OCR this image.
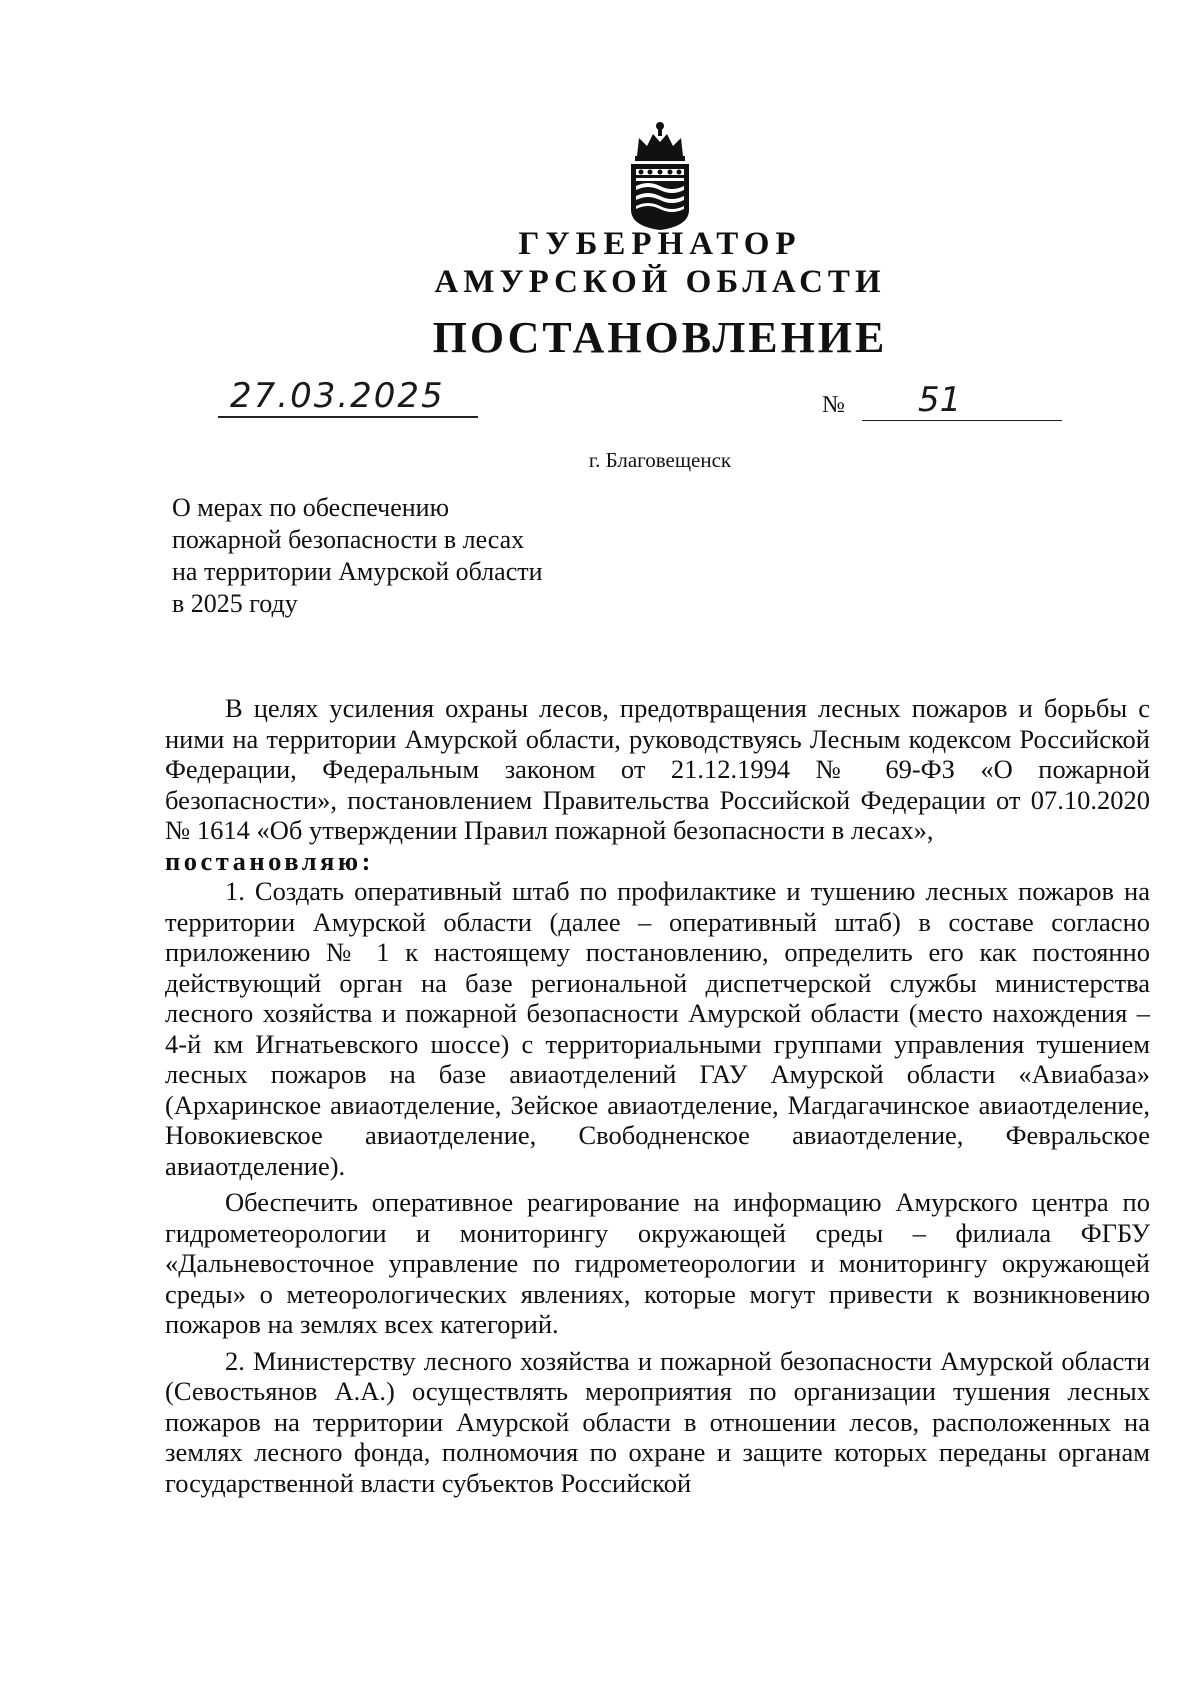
ГУБЕРНАТОР
АМУРСКОЙ ОБЛАСТИ
ПОСТАНОВЛЕНИЕ
27.03.2025	№ 51
г. Благовещенск
О мерах по обеспечению
пожарной безопасности в лесах
на территории Амурской области
в 2025 году

В целях усиления охраны лесов, предотвращения лесных пожаров и борьбы с ними на территории Амурской области, руководствуясь Лесным кодексом Российской Федерации, Федеральным законом от 21.12.1994 № 69-ФЗ «О пожарной безопасности», постановлением Правительства Российской Федерации от 07.10.2020 № 1614 «Об утверждении Правил пожарной безопасности в лесах»,

постановляю:

1. Создать оперативный штаб по профилактике и тушению лесных пожаров на территории Амурской области (далее – оперативный штаб) в составе согласно приложению № 1 к настоящему постановлению, определить его как постоянно действующий орган на базе региональной диспетчерской службы министерства лесного хозяйства и пожарной безопасности Амурской области (место нахождения – 4-й км Игнатьевского шоссе) с территориальными группами управления тушением лесных пожаров на базе авиаотделений ГАУ Амурской области «Авиабаза» (Архаринское авиаотделение, Зейское авиаотделение, Магдагачинское авиаотделение, Новокиевское авиаотделение, Свободненское авиаотделение, Февральское авиаотделение).

Обеспечить оперативное реагирование на информацию Амурского центра по гидрометеорологии и мониторингу окружающей среды – филиала ФГБУ «Дальневосточное управление по гидрометеорологии и мониторингу окружающей среды» о метеорологических явлениях, которые могут привести к возникновению пожаров на землях всех категорий.

2. Министерству лесного хозяйства и пожарной безопасности Амурской области (Севостьянов А.А.) осуществлять мероприятия по организации тушения лесных пожаров на территории Амурской области в отношении лесов, расположенных на землях лесного фонда, полномочия по охране и защите которых переданы органам государственной власти субъектов Российской
